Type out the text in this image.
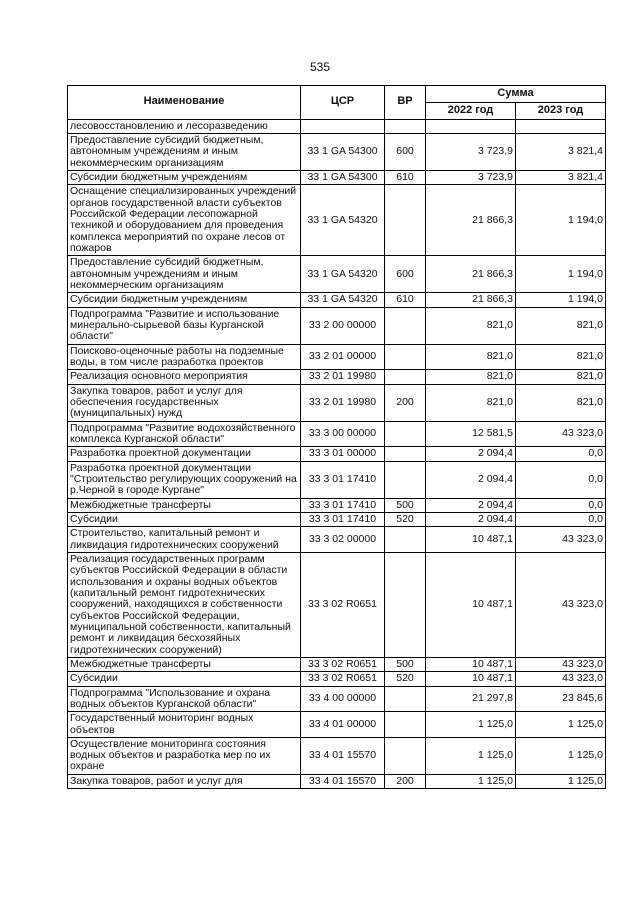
535
Наименование	ЦСР	ВР	Сумма	
			2022 год	2023 год
лесовосстановлению и лесоразведению				
Предоставление субсидий бюджетным, автономным учреждениям и иным некоммерческим организациям	33 1 GA 54300	600	3 723,9	3 821,4
Субсидии бюджетным учреждениям	33 1 GA 54300	610	3 723,9	3 821,4
Оснащение специализированных учреждений органов государственной власти субъектов Российской Федерации лесопожарной техникой и оборудованием для проведения комплекса мероприятий по охране лесов от пожаров	33 1 GA 54320		21 866,3	1 194,0
Предоставление субсидий бюджетным, автономным учреждениям и иным некоммерческим организациям	33 1 GA 54320	600	21 866,3	1 194,0
Субсидии бюджетным учреждениям	33 1 GA 54320	610	21 866,3	1 194,0
Подпрограмма "Развитие и использование минерально-сырьевой базы Курганской области"	33 2 00 00000		821,0	821,0
Поисково-оценочные работы на подземные воды, в том числе разработка проектов	33 2 01 00000		821,0	821,0
Реализация основного мероприятия	33 2 01 19980		821,0	821,0
Закупка товаров, работ и услуг для обеспечения государственных (муниципальных) нужд	33 2 01 19980	200	821,0	821,0
Подпрограмма "Развитие водохозяйственного комплекса Курганской области"	33 3 00 00000		12 581,5	43 323,0
Разработка проектной документации	33 3 01 00000		2 094,4	0,0
Разработка проектной документации "Строительство регулирующих сооружений на р.Черной в городе Кургане"	33 3 01 17410		2 094,4	0,0
Межбюджетные трансферты	33 3 01 17410	500	2 094,4	0,0
Субсидии	33 3 01 17410	520	2 094,4	0,0
Строительство, капитальный ремонт и ликвидация гидротехнических сооружений	33 3 02 00000		10 487,1	43 323,0
Реализация государственных программ субъектов Российской Федерации в области использования и охраны водных объектов (капитальный ремонт гидротехнических сооружений, находящихся в собственности субъектов Российской Федерации, муниципальной собственности, капитальный ремонт и ликвидация бесхозяйных гидротехнических сооружений)	33 3 02 R0651		10 487,1	43 323,0
Межбюджетные трансферты	33 3 02 R0651	500	10 487,1	43 323,0
Субсидии	33 3 02 R0651	520	10 487,1	43 323,0
Подпрограмма "Использование и охрана водных объектов Курганской области"	33 4 00 00000		21 297,8	23 845,6
Государственный мониторинг водных объектов	33 4 01 00000		1 125,0	1 125,0
Осуществление мониторинга состояния водных объектов и разработка мер по их охране	33 4 01 15570		1 125,0	1 125,0
Закупка товаров, работ и услуг для	33 4 01 15570	200	1 125,0	1 125,0
